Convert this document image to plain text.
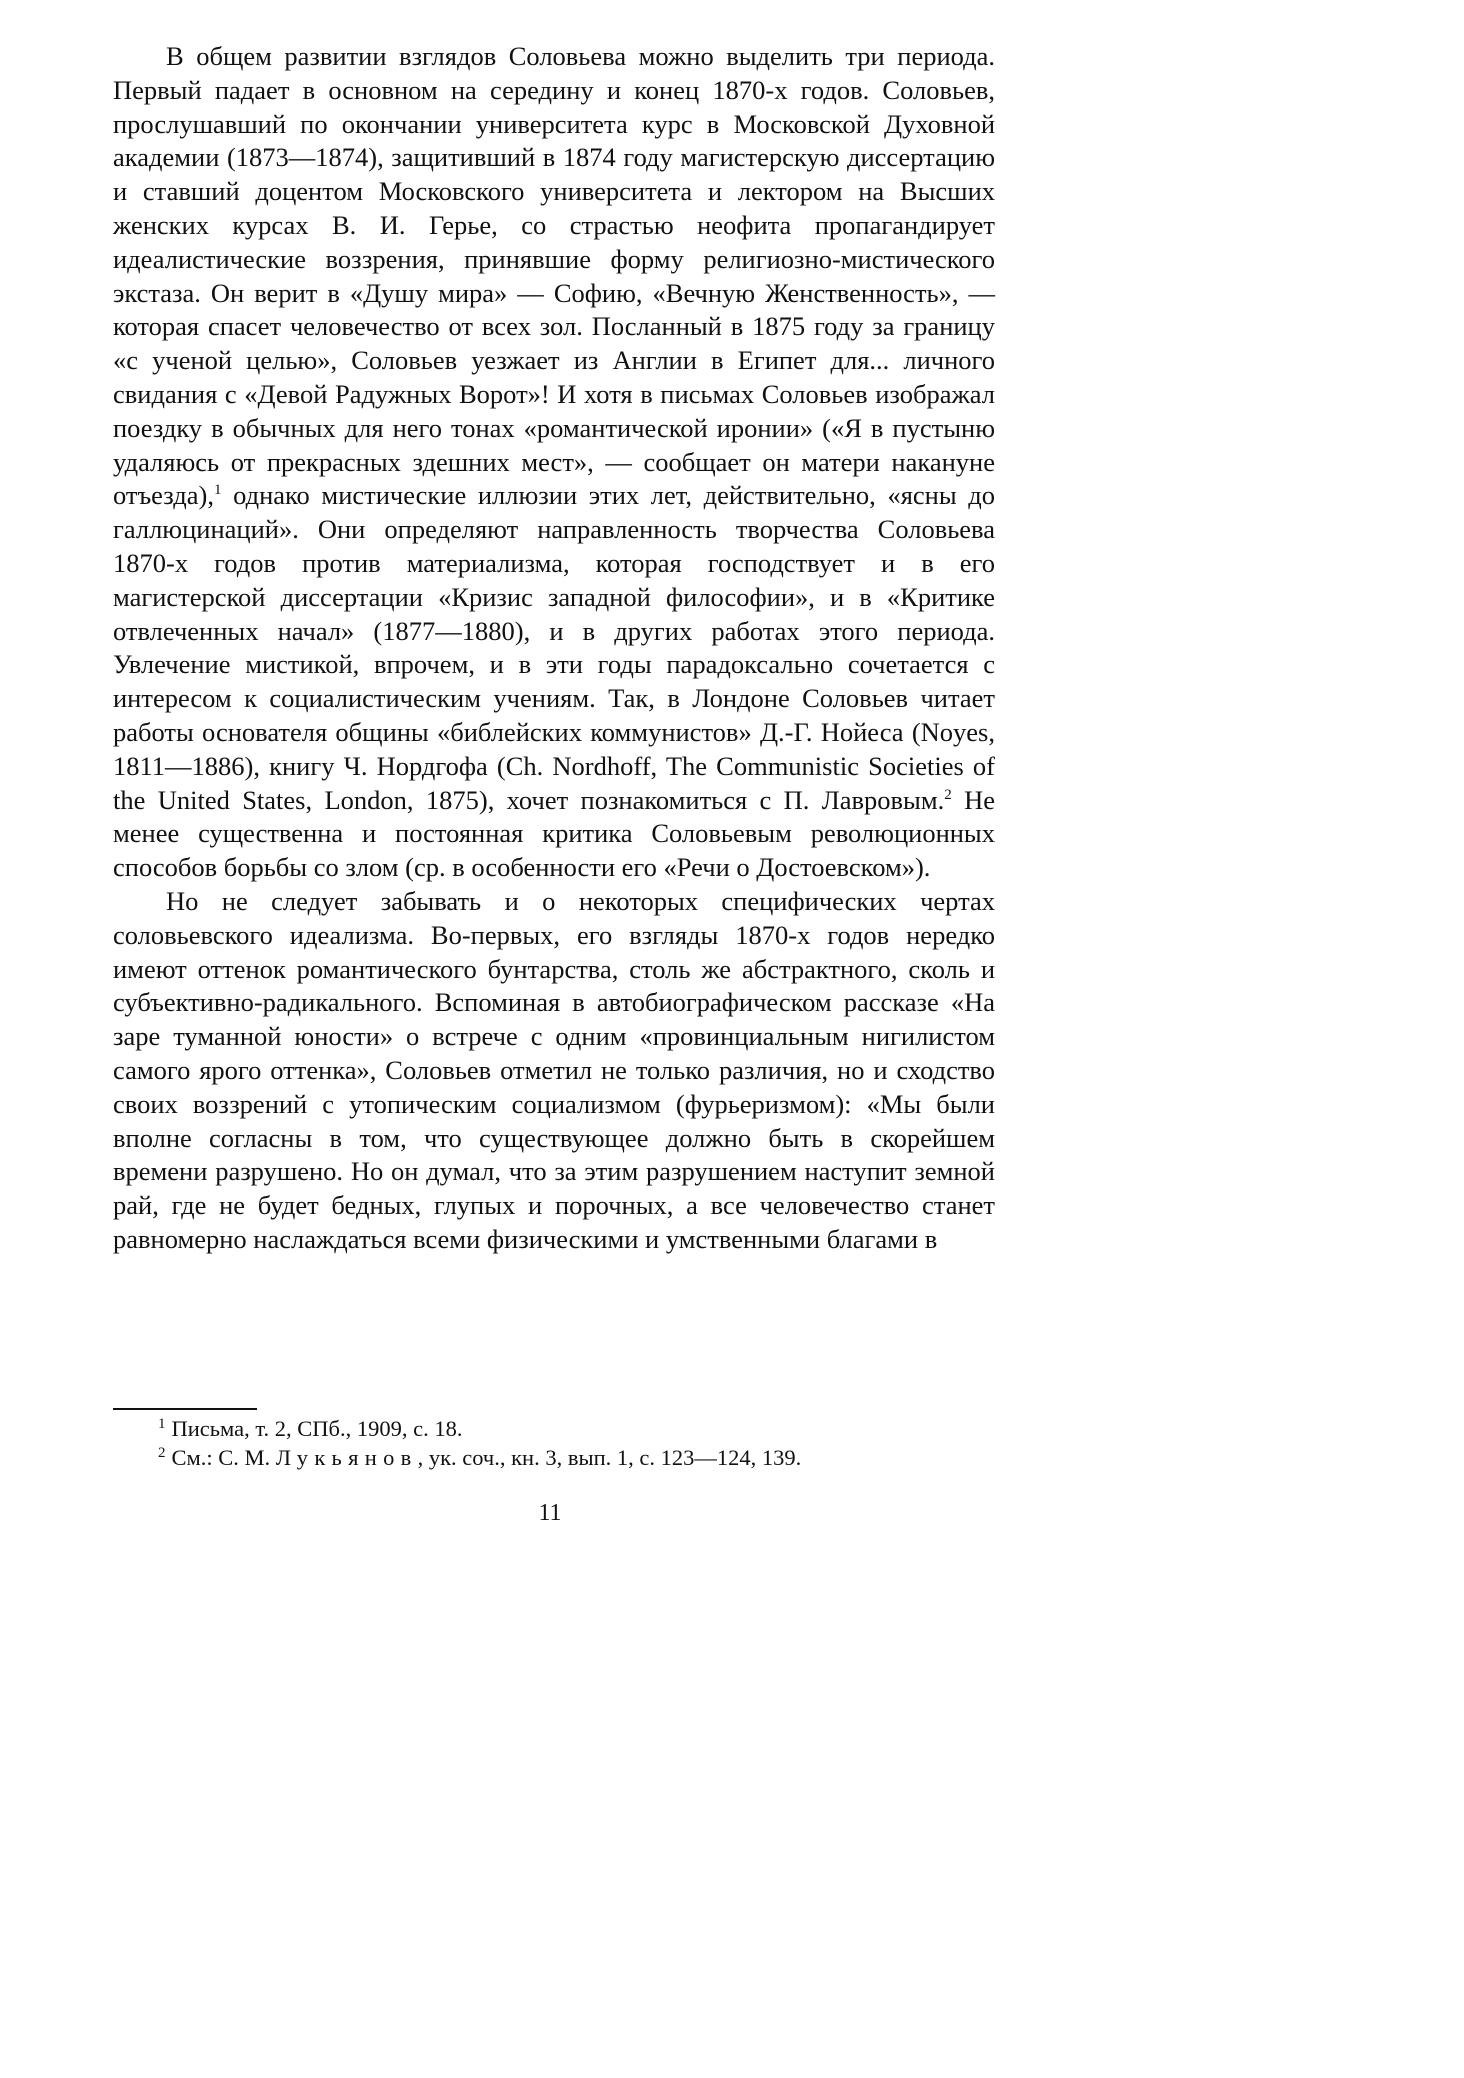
В общем развитии взглядов Соловьева можно выделить три периода. Первый падает в основном на середину и конец 1870-х годов. Соловьев, прослушавший по окончании университета курс в Московской Духовной академии (1873—1874), защитивший в 1874 году магистерскую диссертацию и ставший доцентом Московского университета и лектором на Высших женских курсах В. И. Герье, со страстью неофита пропагандирует идеалистические воззрения, принявшие форму религиозно-мистического экстаза. Он верит в «Душу мира» — Софию, «Вечную Женственность», — которая спасет человечество от всех зол. Посланный в 1875 году за границу «с ученой целью», Соловьев уезжает из Англии в Египет для... личного свидания с «Девой Радужных Ворот»! И хотя в письмах Соловьев изображал поездку в обычных для него тонах «романтической иронии» («Я в пустыню удаляюсь от прекрасных здешних мест», — сообщает он матери накануне отъезда),$^1$ однако мистические иллюзии этих лет, действительно, «ясны до галлюцинаций». Они определяют направленность творчества Соловьева 1870-х годов против материализма, которая господствует и в его магистерской диссертации «Кризис западной философии», и в «Критике отвлеченных начал» (1877—1880), и в других работах этого периода. Увлечение мистикой, впрочем, и в эти годы парадоксально сочетается с интересом к социалистическим учениям. Так, в Лондоне Соловьев читает работы основателя общины «библейских коммунистов» Д.-Г. Нойеса (Noyes, 1811—1886), книгу Ч. Нордгофа (Ch. Nordhoff, The Communistic Societies of the United States, London, 1875), хочет познакомиться с П. Лавровым.$^2$ Не менее существенна и постоянная критика Соловьевым революционных способов борьбы со злом (ср. в особенности его «Речи о Достоевском»).

Но не следует забывать и о некоторых специфических чертах соловьевского идеализма. Во-первых, его взгляды 1870-х годов нередко имеют оттенок романтического бунтарства, столь же абстрактного, сколь и субъективно-радикального. Вспоминая в автобиографическом рассказе «На заре туманной юности» о встрече с одним «провинциальным нигилистом самого ярого оттенка», Соловьев отметил не только различия, но и сходство своих воззрений с утопическим социализмом (фурьеризмом): «Мы были вполне согласны в том, что существующее должно быть в скорейшем времени разрушено. Но он думал, что за этим разрушением наступит земной рай, где не будет бедных, глупых и порочных, а все человечество станет равномерно наслаждаться всеми физическими и умственными благами в

$^1$ Письма, т. 2, СПб., 1909, с. 18.
$^2$ См.: С. М. Лукьянов, ук. соч., кн. 3, вып. 1, с. 123—124, 139.
11
